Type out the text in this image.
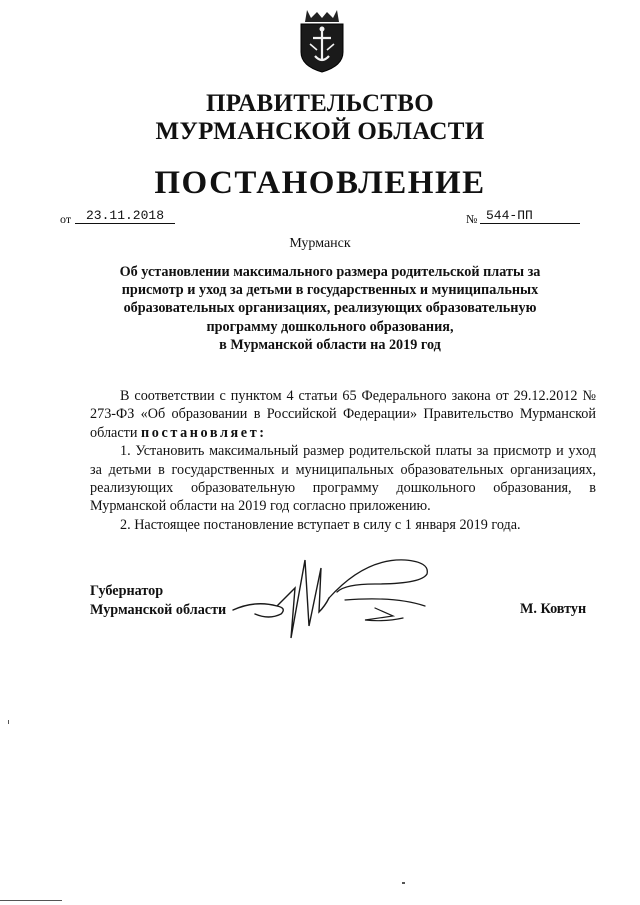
ПРАВИТЕЛЬСТВО
МУРМАНСКОЙ ОБЛАСТИ
ПОСТАНОВЛЕНИЕ
от	23.11.2018	№ 544-ПП
Мурманск
Об установлении максимального размера родительской платы за
присмотр и уход за детьми в государственных и муниципальных
образовательных организациях, реализующих образовательную
программу дошкольного образования,
в Мурманской области на 2019 год

В соответствии с пунктом 4 статьи 65 Федерального закона от 29.12.2012 № 273-ФЗ «Об образовании в Российской Федерации» Правительство Мурманской области постановляет:

1. Установить максимальный размер родительской платы за присмотр и уход за детьми в государственных и муниципальных образовательных организациях, реализующих образовательную программу дошкольного образования, в Мурманской области на 2019 год согласно приложению.

2. Настоящее постановление вступает в силу с 1 января 2019 года.

Губернатор
Мурманской области	М. Ковтун
